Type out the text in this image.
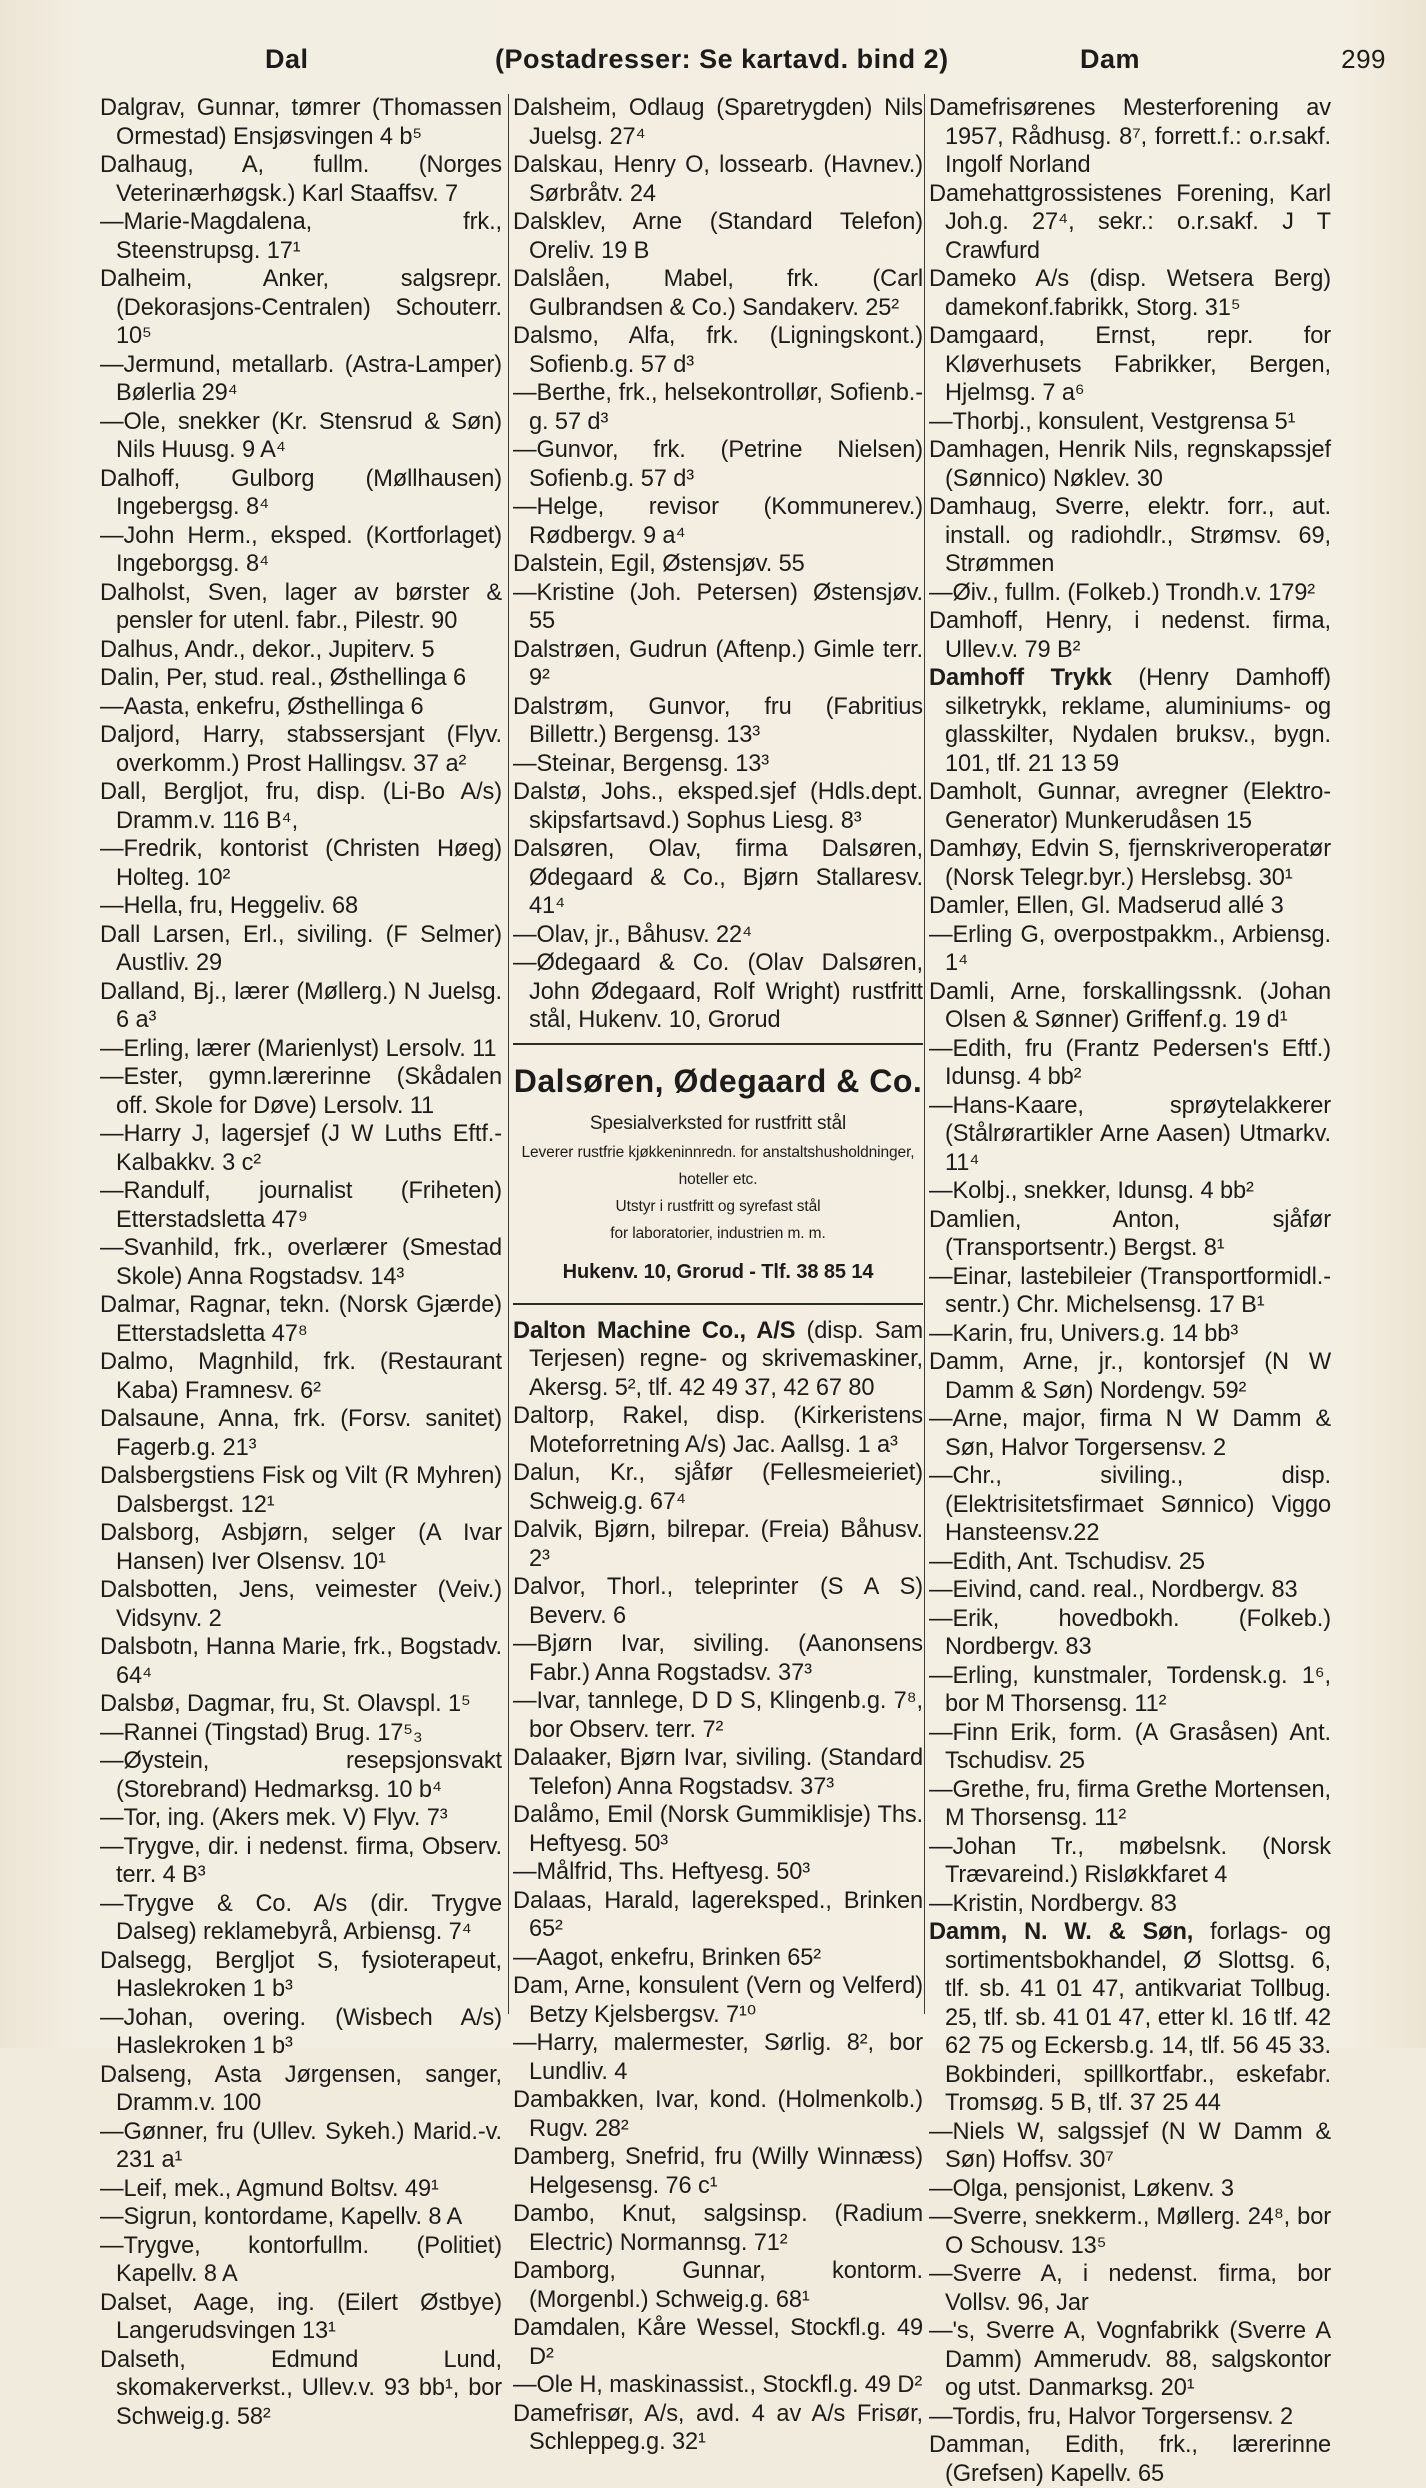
Dal	(Postadresser: Se kartavd. bind 2)	Dam	299

Dalgrav, Gunnar, tømrer (Thomassen Ormestad) Ensjøsvingen 4 b⁵

Dalhaug, A, fullm. (Norges Veterinærhøgsk.) Karl Staaffsv. 7

—Marie-Magdalena, frk., Steenstrupsg. 17¹

Dalheim, Anker, salgsrepr. (Dekorasjons-Centralen) Schouterr. 10⁵

—Jermund, metallarb. (Astra-Lamper) Bølerlia 29⁴

—Ole, snekker (Kr. Stensrud & Søn) Nils Huusg. 9 A⁴

Dalhoff, Gulborg (Møllhausen) Ingebergsg. 8⁴

—John Herm., eksped. (Kortforlaget) Ingeborgsg. 8⁴

Dalholst, Sven, lager av børster & pensler for utenl. fabr., Pilestr. 90

Dalhus, Andr., dekor., Jupiterv. 5

Dalin, Per, stud. real., Østhellinga 6

—Aasta, enkefru, Østhellinga 6

Daljord, Harry, stabssersjant (Flyv. overkomm.) Prost Hallingsv. 37 a²

Dall, Bergljot, fru, disp. (Li-Bo A/s) Dramm.v. 116 B⁴,

—Fredrik, kontorist (Christen Høeg) Holteg. 10²

—Hella, fru, Heggeliv. 68

Dall Larsen, Erl., siviling. (F Selmer) Austliv. 29

Dalland, Bj., lærer (Møllerg.) N Juelsg. 6 a³

—Erling, lærer (Marienlyst) Lersolv. 11

—Ester, gymn.lærerinne (Skådalen off. Skole for Døve) Lersolv. 11

—Harry J, lagersjef (J W Luths Eftf.-Kalbakkv. 3 c²

—Randulf, journalist (Friheten) Etterstadsletta 47⁹

—Svanhild, frk., overlærer (Smestad Skole) Anna Rogstadsv. 14³

Dalmar, Ragnar, tekn. (Norsk Gjærde) Etterstadsletta 47⁸

Dalmo, Magnhild, frk. (Restaurant Kaba) Framnesv. 6²

Dalsaune, Anna, frk. (Forsv. sanitet) Fagerb.g. 21³

Dalsbergstiens Fisk og Vilt (R Myhren) Dalsbergst. 12¹

Dalsborg, Asbjørn, selger (A Ivar Hansen) Iver Olsensv. 10¹

Dalsbotten, Jens, veimester (Veiv.) Vidsynv. 2

Dalsbotn, Hanna Marie, frk., Bogstadv. 64⁴

Dalsbø, Dagmar, fru, St. Olavspl. 1⁵

—Rannei (Tingstad) Brug. 17⁵₃

—Øystein, resepsjonsvakt (Storebrand) Hedmarksg. 10 b⁴

—Tor, ing. (Akers mek. V) Flyv. 7³

—Trygve, dir. i nedenst. firma, Observ. terr. 4 B³

—Trygve & Co. A/s (dir. Trygve Dalseg) reklamebyrå, Arbiensg. 7⁴

Dalsegg, Bergljot S, fysioterapeut, Haslekroken 1 b³

—Johan, overing. (Wisbech A/s) Haslekroken 1 b³

Dalseng, Asta Jørgensen, sanger, Dramm.v. 100

—Gønner, fru (Ullev. Sykeh.) Marid.-v. 231 a¹

—Leif, mek., Agmund Boltsv. 49¹

—Sigrun, kontordame, Kapellv. 8 A

—Trygve, kontorfullm. (Politiet) Kapellv. 8 A

Dalset, Aage, ing. (Eilert Østbye) Langerudsvingen 13¹

Dalseth, Edmund Lund, skomakerverkst., Ullev.v. 93 bb¹, bor Schweig.g. 58²

Dalsheim, Odlaug (Sparetrygden) Nils Juelsg. 27⁴

Dalskau, Henry O, lossearb. (Havnev.) Sørbråtv. 24

Dalsklev, Arne (Standard Telefon) Oreliv. 19 B

Dalslåen, Mabel, frk. (Carl Gulbrandsen & Co.) Sandakerv. 25²

Dalsmo, Alfa, frk. (Ligningskont.) Sofienb.g. 57 d³

—Berthe, frk., helsekontrollør, Sofienb.-g. 57 d³

—Gunvor, frk. (Petrine Nielsen) Sofienb.g. 57 d³

—Helge, revisor (Kommunerev.) Rødbergv. 9 a⁴

Dalstein, Egil, Østensjøv. 55

—Kristine (Joh. Petersen) Østensjøv. 55

Dalstrøen, Gudrun (Aftenp.) Gimle terr. 9²

Dalstrøm, Gunvor, fru (Fabritius Billettr.) Bergensg. 13³

—Steinar, Bergensg. 13³

Dalstø, Johs., eksped.sjef (Hdls.dept. skipsfartsavd.) Sophus Liesg. 8³

Dalsøren, Olav, firma Dalsøren, Ødegaard & Co., Bjørn Stallaresv. 41⁴

—Olav, jr., Båhusv. 22⁴

—Ødegaard & Co. (Olav Dalsøren, John Ødegaard, Rolf Wright) rustfritt stål, Hukenv. 10, Grorud

Dalsøren, Ødegaard & Co.
Spesialverksted for rustfritt stål
Leverer rustfrie kjøkkeninnredn. for anstaltshusholdninger, hoteller etc.
Utstyr i rustfritt og syrefast stål
for laboratorier, industrien m. m.
Hukenv. 10, Grorud - Tlf. 38 85 14

Dalton Machine Co., A/S (disp. Sam Terjesen) regne- og skrivemaskiner, Akersg. 5², tlf. 42 49 37, 42 67 80

Daltorp, Rakel, disp. (Kirkeristens Moteforretning A/s) Jac. Aallsg. 1 a³

Dalun, Kr., sjåfør (Fellesmeieriet) Schweig.g. 67⁴

Dalvik, Bjørn, bilrepar. (Freia) Båhusv. 2³

Dalvor, Thorl., teleprinter (S A S) Beverv. 6

—Bjørn Ivar, siviling. (Aanonsens Fabr.) Anna Rogstadsv. 37³

—Ivar, tannlege, D D S, Klingenb.g. 7⁸, bor Observ. terr. 7²

Dalaaker, Bjørn Ivar, siviling. (Standard Telefon) Anna Rogstadsv. 37³

Dalåmo, Emil (Norsk Gummiklisje) Ths. Heftyesg. 50³

—Målfrid, Ths. Heftyesg. 50³

Dalaas, Harald, lagereksped., Brinken 65²

—Aagot, enkefru, Brinken 65²

Dam, Arne, konsulent (Vern og Velferd) Betzy Kjelsbergsv. 7¹⁰

—Harry, malermester, Sørlig. 8², bor Lundliv. 4

Dambakken, Ivar, kond. (Holmenkolb.) Rugv. 28²

Damberg, Snefrid, fru (Willy Winnæss) Helgesensg. 76 c¹

Dambo, Knut, salgsinsp. (Radium Electric) Normannsg. 71²

Damborg, Gunnar, kontorm. (Morgenbl.) Schweig.g. 68¹

Damdalen, Kåre Wessel, Stockfl.g. 49 D²

—Ole H, maskinassist., Stockfl.g. 49 D²

Damefrisør, A/s, avd. 4 av A/s Frisør, Schleppeg.g. 32¹

Damefrisørenes Mesterforening av 1957, Rådhusg. 8⁷, forrett.f.: o.r.sakf. Ingolf Norland

Damehattgrossistenes Forening, Karl Joh.g. 27⁴, sekr.: o.r.sakf. J T Crawfurd

Dameko A/s (disp. Wetsera Berg) damekonf.fabrikk, Storg. 31⁵

Damgaard, Ernst, repr. for Kløverhusets Fabrikker, Bergen, Hjelmsg. 7 a⁶

—Thorbj., konsulent, Vestgrensa 5¹

Damhagen, Henrik Nils, regnskapssjef (Sønnico) Nøklev. 30

Damhaug, Sverre, elektr. forr., aut. install. og radiohdlr., Strømsv. 69, Strømmen

—Øiv., fullm. (Folkeb.) Trondh.v. 179²

Damhoff, Henry, i nedenst. firma, Ullev.v. 79 B²

Damhoff Trykk (Henry Damhoff) silketrykk, reklame, aluminiums- og glasskilter, Nydalen bruksv., bygn. 101, tlf. 21 13 59

Damholt, Gunnar, avregner (Elektro-Generator) Munkerudåsen 15

Damhøy, Edvin S, fjernskriveroperatør (Norsk Telegr.byr.) Herslebsg. 30¹

Damler, Ellen, Gl. Madserud allé 3

—Erling G, overpostpakkm., Arbiensg. 1⁴

Damli, Arne, forskallingssnk. (Johan Olsen & Sønner) Griffenf.g. 19 d¹

—Edith, fru (Frantz Pedersen's Eftf.) Idunsg. 4 bb²

—Hans-Kaare, sprøytelakkerer (Stålrørartikler Arne Aasen) Utmarkv. 11⁴

—Kolbj., snekker, Idunsg. 4 bb²

Damlien, Anton, sjåfør (Transportsentr.) Bergst. 8¹

—Einar, lastebileier (Transportformidl.-sentr.) Chr. Michelsensg. 17 B¹

—Karin, fru, Univers.g. 14 bb³

Damm, Arne, jr., kontorsjef (N W Damm & Søn) Nordengv. 59²

—Arne, major, firma N W Damm & Søn, Halvor Torgersensv. 2

—Chr., siviling., disp. (Elektrisitetsfirmaet Sønnico) Viggo Hansteensv.22

—Edith, Ant. Tschudisv. 25

—Eivind, cand. real., Nordbergv. 83

—Erik, hovedbokh. (Folkeb.) Nordbergv. 83

—Erling, kunstmaler, Tordensk.g. 1⁶, bor M Thorsensg. 11²

—Finn Erik, form. (A Grasåsen) Ant. Tschudisv. 25

—Grethe, fru, firma Grethe Mortensen, M Thorsensg. 11²

—Johan Tr., møbelsnk. (Norsk Trævareind.) Risløkkfaret 4

—Kristin, Nordbergv. 83

Damm, N. W. & Søn, forlags- og sortimentsbokhandel, Ø Slottsg. 6, tlf. sb. 41 01 47, antikvariat Tollbug. 25, tlf. sb. 41 01 47, etter kl. 16 tlf. 42 62 75 og Eckersb.g. 14, tlf. 56 45 33. Bokbinderi, spillkortfabr., eskefabr. Tromsøg. 5 B, tlf. 37 25 44

—Niels W, salgssjef (N W Damm & Søn) Hoffsv. 30⁷

—Olga, pensjonist, Løkenv. 3

—Sverre, snekkerm., Møllerg. 24⁸, bor O Schousv. 13⁵

—Sverre A, i nedenst. firma, bor Vollsv. 96, Jar

—'s, Sverre A, Vognfabrikk (Sverre A Damm) Ammerudv. 88, salgskontor og utst. Danmarksg. 20¹

—Tordis, fru, Halvor Torgersensv. 2

Damman, Edith, frk., lærerinne (Grefsen) Kapellv. 65
